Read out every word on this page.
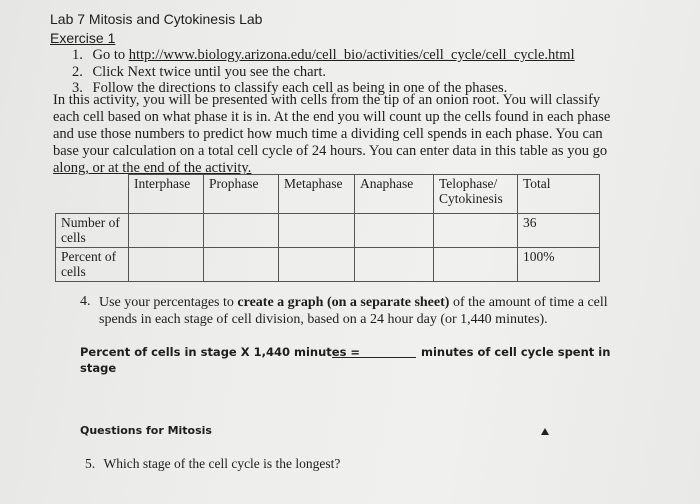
Lab 7 Mitosis and Cytokinesis Lab
Exercise 1
1. Go to http://www.biology.arizona.edu/cell_bio/activities/cell_cycle/cell_cycle.html
2. Click Next twice until you see the chart.
3. Follow the directions to classify each cell as being in one of the phases.
In this activity, you will be presented with cells from the tip of an onion root. You will classify each cell based on what phase it is in. At the end you will count up the cells found in each phase and use those numbers to predict how much time a dividing cell spends in each phase. You can base your calculation on a total cell cycle of 24 hours. You can enter data in this table as you go along, or at the end of the activity.
	Interphase	Prophase	Metaphase	Anaphase	Telophase/ Cytokinesis	Total
Number of cells						36
Percent of cells						100%
4. Use your percentages to create a graph (on a separate sheet) of the amount of time a cell spends in each stage of cell division, based on a 24 hour day (or 1,440 minutes).
Percent of cells in stage X 1,440 minutes =	minutes of cell cycle spent in
stage
Questions for Mitosis
5. Which stage of the cell cycle is the longest?
